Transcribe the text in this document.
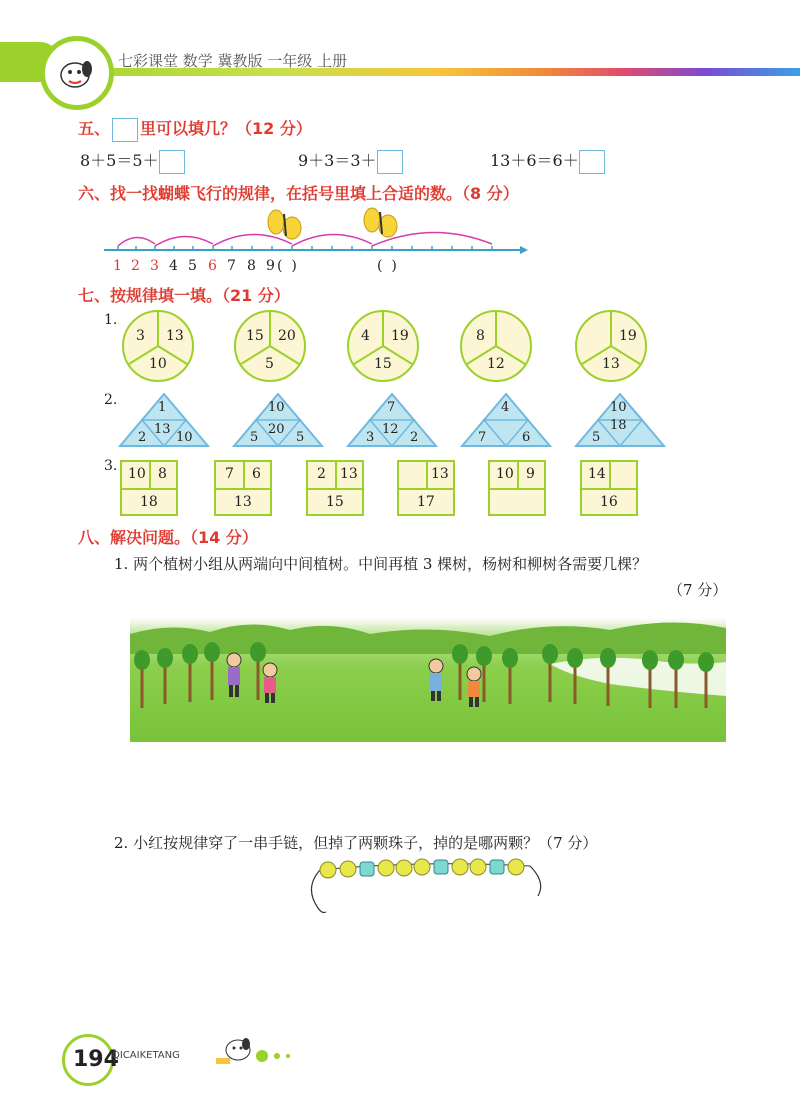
七彩课堂 数学 冀教版 一年级 上册
五、 里可以填几？（12 分）
8＋5＝5＋	9＋3＝3＋	13＋6＝6＋
六、找一找蝴蝶飞行的规律，在括号里填上合适的数。（8 分）
1 2 3 4 5 6 7 8 9 (  )	(  )
七、按规律填一填。（21 分）
1.
3 13
10
15 20
5
4 19
15
8
12
19
13
2.	1
13
2 10
10
20
5	5
7
12
3	2
4
7	6
10
18
5
3. 10 8
18
7 6
13
2 13
15
13
17
10 9	14
16
八、解决问题。（14 分）
1. 两个植树小组从两端向中间植树。中间再植 3 棵树，杨树和柳树各需要几棵？
（7 分）
2. 小红按规律穿了一串手链，但掉了两颗珠子，掉的是哪两颗？（7 分）
194
QICAIKETANG
